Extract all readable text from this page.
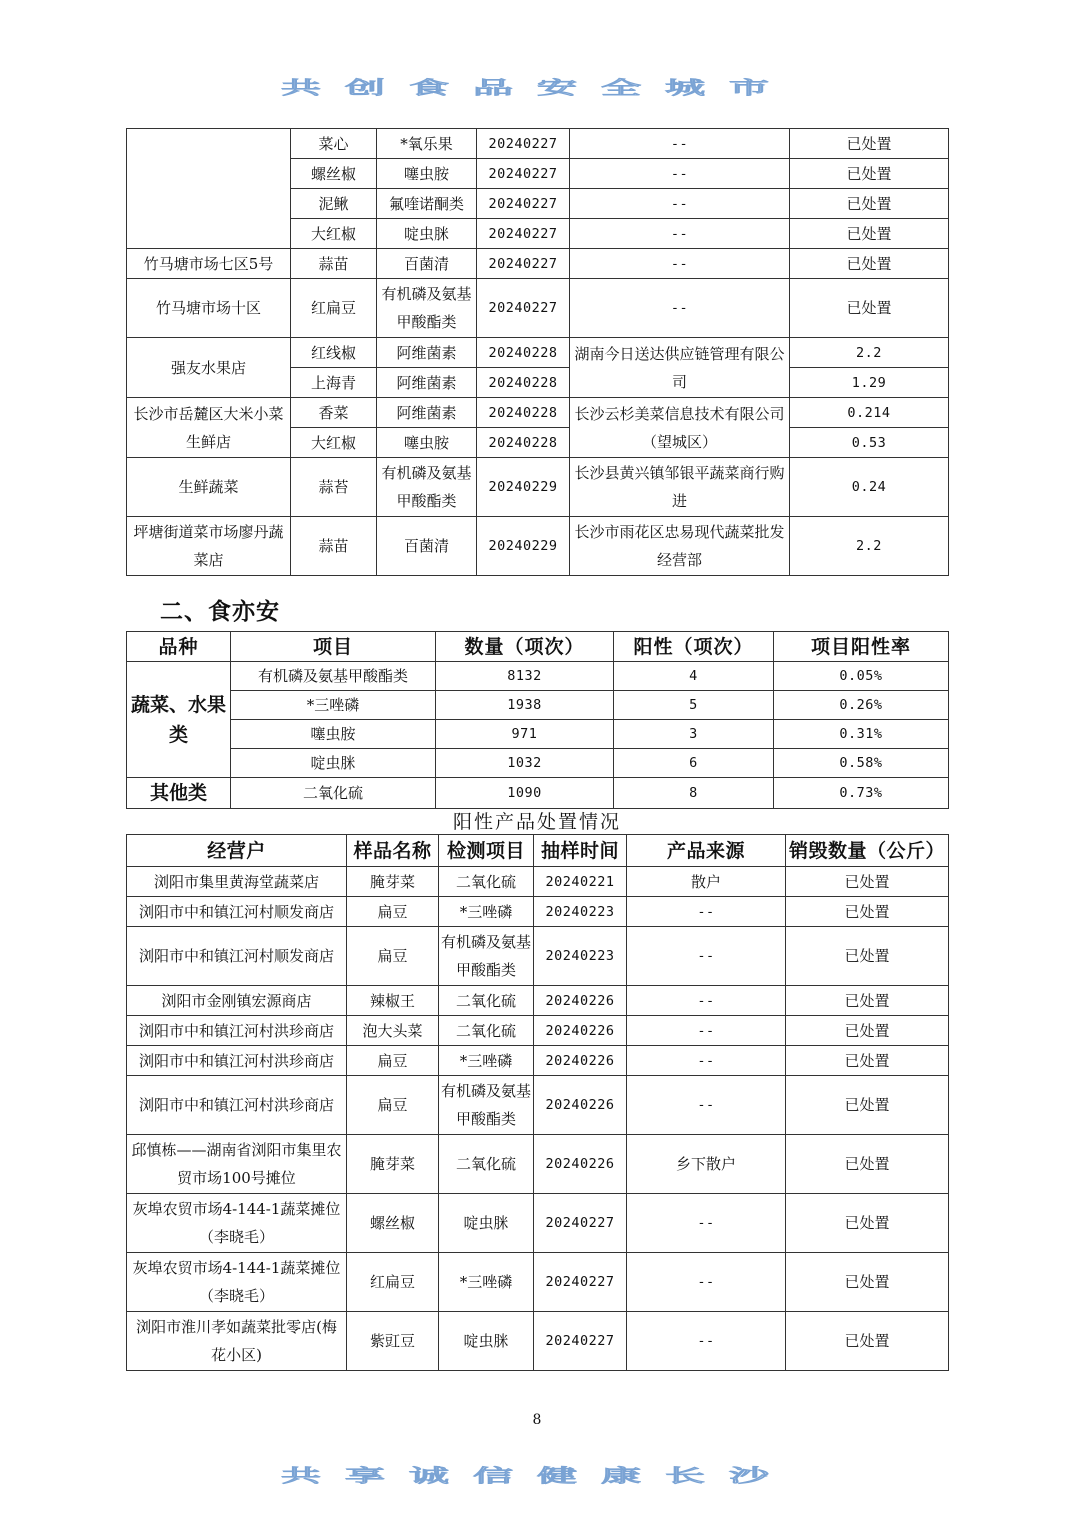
共创食品安全城市
	菜心	*氧乐果	20240227	--	已处置
	螺丝椒	噻虫胺	20240227	--	已处置
	泥鳅	氟喹诺酮类	20240227	--	已处置
	大红椒	啶虫脒	20240227	--	已处置
竹马塘市场七区5号	蒜苗	百菌清	20240227	--	已处置
竹马塘市场十区	红扁豆	有机磷及氨基甲酸酯类	20240227	--	已处置
强友水果店	红线椒	阿维菌素	20240228	湖南今日送达供应链管理有限公司	2.2
	上海青	阿维菌素	20240228		1.29
长沙市岳麓区大米小菜生鲜店	香菜	阿维菌素	20240228	长沙云杉美菜信息技术有限公司（望城区）	0.214
	大红椒	噻虫胺	20240228		0.53
生鲜蔬菜	蒜苔	有机磷及氨基甲酸酯类	20240229	长沙县黄兴镇邹银平蔬菜商行购进	0.24
坪塘街道菜市场廖丹蔬菜店	蒜苗	百菌清	20240229	长沙市雨花区忠易现代蔬菜批发经营部	2.2
二、食亦安
品种	项目	数量（项次）	阳性（项次）	项目阳性率
蔬菜、水果类	有机磷及氨基甲酸酯类	8132	4	0.05%
	*三唑磷	1938	5	0.26%
	噻虫胺	971	3	0.31%
	啶虫脒	1032	6	0.58%
其他类	二氧化硫	1090	8	0.73%
阳性产品处置情况
经营户	样品名称	检测项目	抽样时间	产品来源	销毁数量（公斤）
浏阳市集里黄海堂蔬菜店	腌芽菜	二氧化硫	20240221	散户	已处置
浏阳市中和镇江河村顺发商店	扁豆	*三唑磷	20240223	--	已处置
浏阳市中和镇江河村顺发商店	扁豆	有机磷及氨基甲酸酯类	20240223	--	已处置
浏阳市金刚镇宏源商店	辣椒王	二氧化硫	20240226	--	已处置
浏阳市中和镇江河村洪珍商店	泡大头菜	二氧化硫	20240226	--	已处置
浏阳市中和镇江河村洪珍商店	扁豆	*三唑磷	20240226	--	已处置
浏阳市中和镇江河村洪珍商店	扁豆	有机磷及氨基甲酸酯类	20240226	--	已处置
邱慎栋——湖南省浏阳市集里农贸市场100号摊位	腌芽菜	二氧化硫	20240226	乡下散户	已处置
灰埠农贸市场4-144-1蔬菜摊位（李晓毛）	螺丝椒	啶虫脒	20240227	--	已处置
灰埠农贸市场4-144-1蔬菜摊位（李晓毛）	红扁豆	*三唑磷	20240227	--	已处置
浏阳市淮川孝如蔬菜批零店(梅花小区)	紫豇豆	啶虫脒	20240227	--	已处置
8
共享诚信健康长沙
